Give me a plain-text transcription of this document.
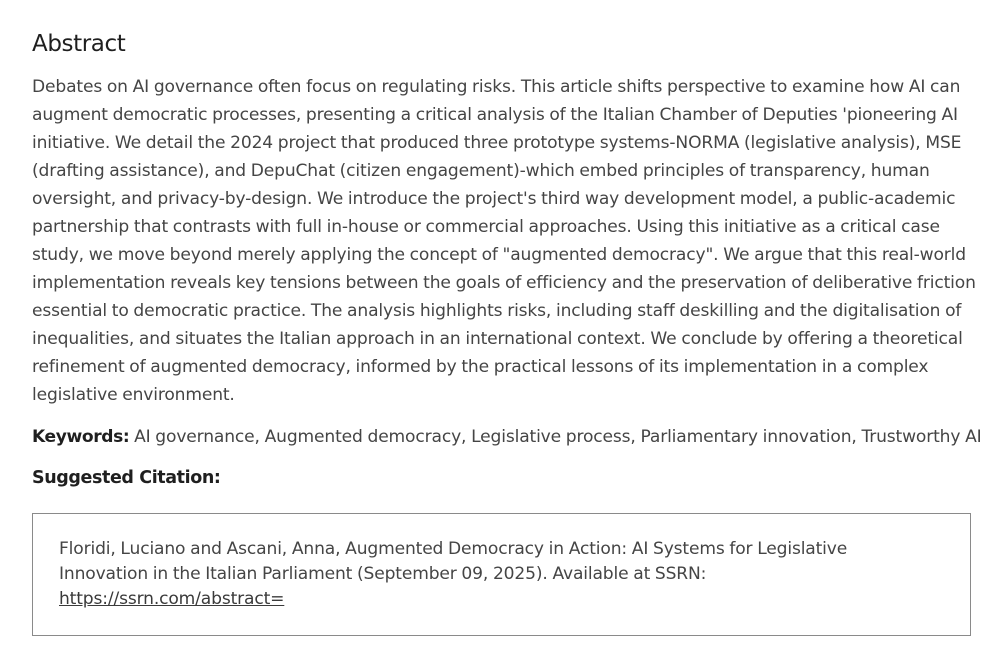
Abstract

Debates on AI governance often focus on regulating risks. This article shifts perspective to examine how AI can augment democratic processes, presenting a critical analysis of the Italian Chamber of Deputies 'pioneering AI initiative. We detail the 2024 project that produced three prototype systems-NORMA (legislative analysis), MSE (drafting assistance), and DepuChat (citizen engagement)-which embed principles of transparency, human oversight, and privacy-by-design. We introduce the project's third way development model, a public-academic partnership that contrasts with full in-house or commercial approaches. Using this initiative as a critical case study, we move beyond merely applying the concept of "augmented democracy". We argue that this real-world implementation reveals key tensions between the goals of efficiency and the preservation of deliberative friction essential to democratic practice. The analysis highlights risks, including staff deskilling and the digitalisation of inequalities, and situates the Italian approach in an international context. We conclude by offering a theoretical refinement of augmented democracy, informed by the practical lessons of its implementation in a complex legislative environment.

Keywords: AI governance, Augmented democracy, Legislative process, Parliamentary innovation, Trustworthy AI

Suggested Citation:

Floridi, Luciano and Ascani, Anna, Augmented Democracy in Action: AI Systems for Legislative Innovation in the Italian Parliament (September 09, 2025). Available at SSRN:
https://ssrn.com/abstract=
